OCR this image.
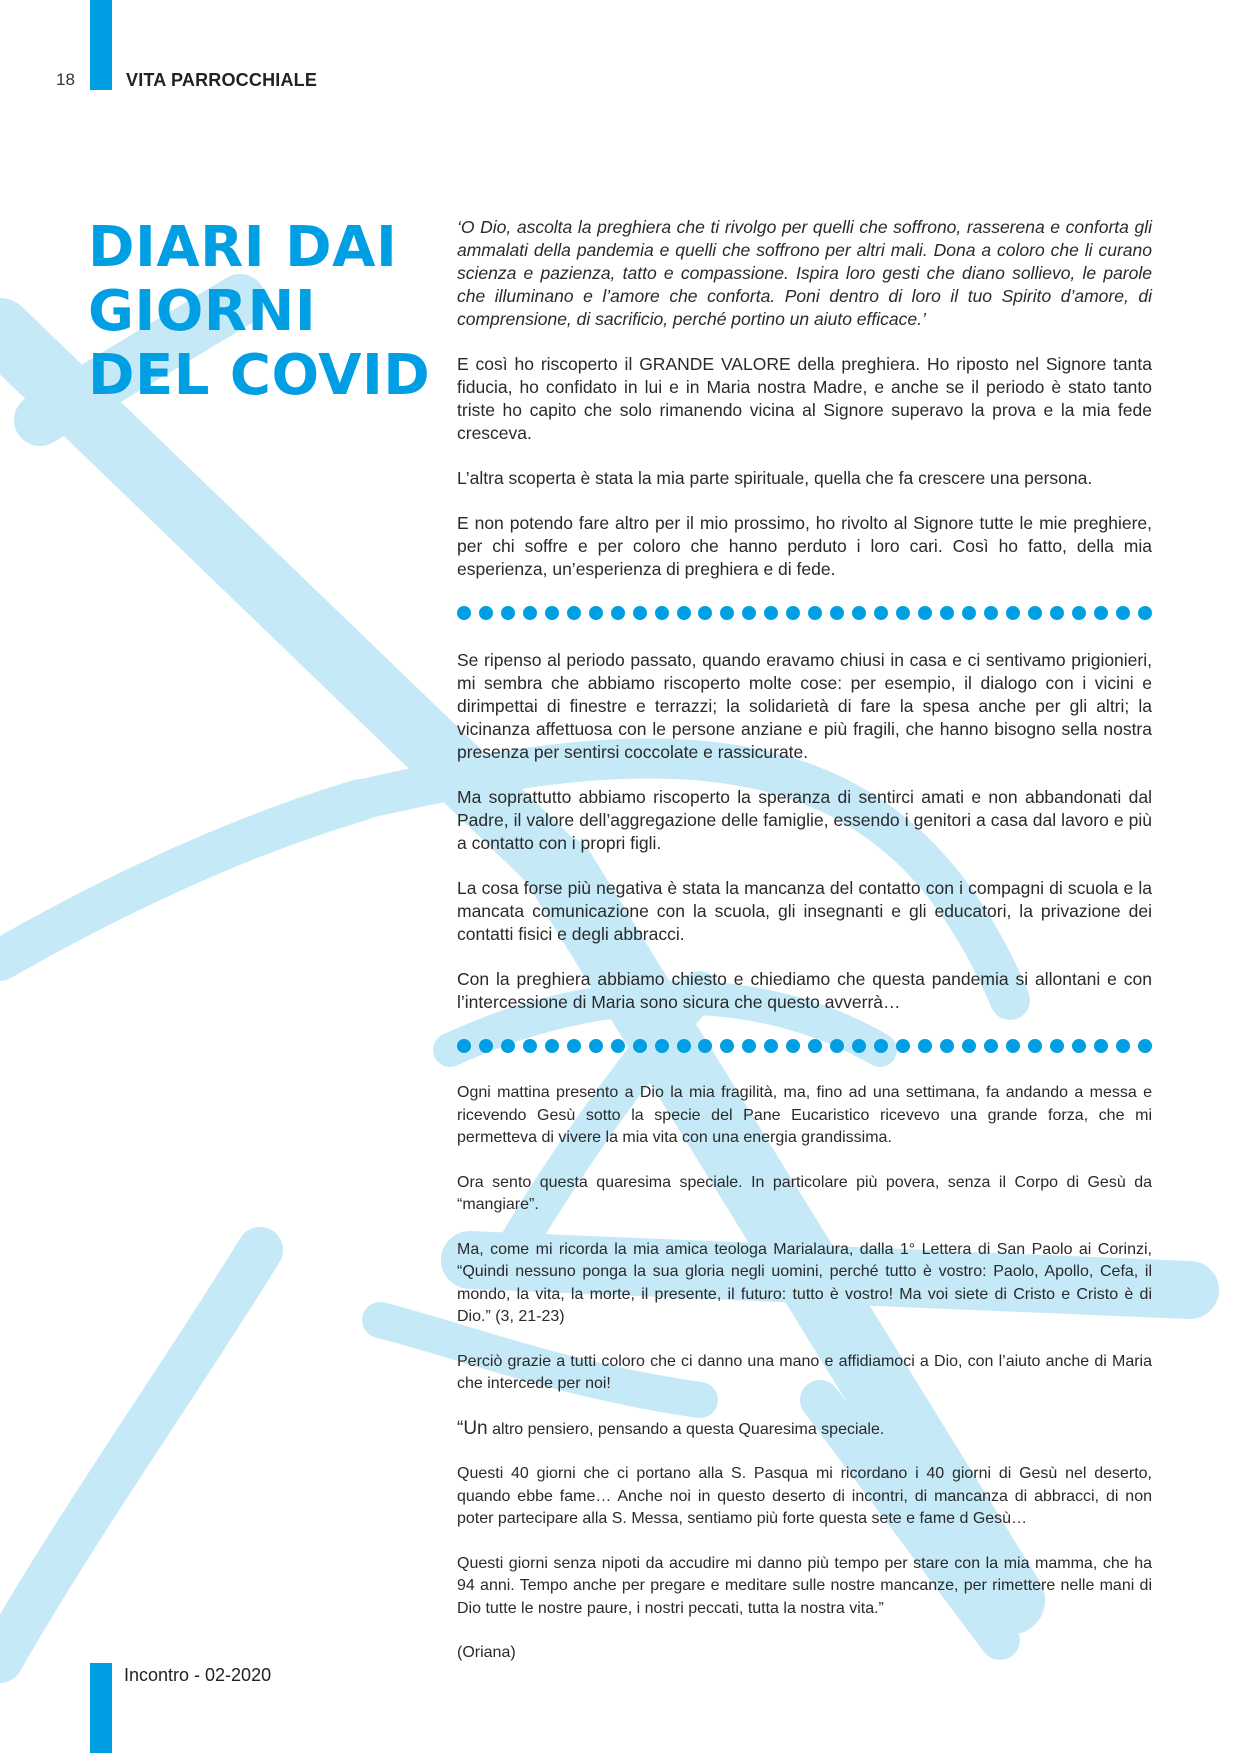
18	VITA PARROCCHIALE
DIARI DAI
GIORNI
DEL COVID

‘O Dio, ascolta la preghiera che ti rivolgo per quelli che soffrono, rasserena e conforta gli ammalati della pandemia e quelli che soffrono per altri mali. Dona a coloro che li curano scienza e pazienza, tatto e compassione. Ispira loro gesti che diano sollievo, le parole che illuminano e l’amore che conforta. Poni dentro di loro il tuo Spirito d’amore, di comprensione, di sacrificio, perché portino un aiuto efficace.’

E così ho riscoperto il GRANDE VALORE della preghiera. Ho riposto nel Signore tanta fiducia, ho confidato in lui e in Maria nostra Madre, e anche se il periodo è stato tanto triste ho capito che solo rimanendo vicina al Signore superavo la prova e la mia fede cresceva.

L’altra scoperta è stata la mia parte spirituale, quella che fa crescere una persona.

E non potendo fare altro per il mio prossimo, ho rivolto al Signore tutte le mie preghiere, per chi soffre e per coloro che hanno perduto i loro cari. Così ho fatto, della mia esperienza, un’esperienza di preghiera e di fede.

Se ripenso al periodo passato, quando eravamo chiusi in casa e ci sentivamo prigionieri, mi sembra che abbiamo riscoperto molte cose: per esempio, il dialogo con i vicini e dirimpettai di finestre e terrazzi; la solidarietà di fare la spesa anche per gli altri; la vicinanza affettuosa con le persone anziane e più fragili, che hanno bisogno sella nostra presenza per sentirsi coccolate e rassicurate.

Ma soprattutto abbiamo riscoperto la speranza di sentirci amati e non abbandonati dal Padre, il valore dell’aggregazione delle famiglie, essendo i genitori a casa dal lavoro e più a contatto con i propri figli.

La cosa forse più negativa è stata la mancanza del contatto con i compagni di scuola e la mancata comunicazione con la scuola, gli insegnanti e gli educatori, la privazione dei contatti fisici e degli abbracci.

Con la preghiera abbiamo chiesto e chiediamo che questa pandemia si allontani e con l’intercessione di Maria sono sicura che questo avverrà…

Ogni mattina presento a Dio la mia fragilità, ma, fino ad una settimana, fa andando a messa e ricevendo Gesù sotto la specie del Pane Eucaristico ricevevo una grande forza, che mi permetteva di vivere la mia vita con una energia grandissima.

Ora sento questa quaresima speciale. In particolare più povera, senza il Corpo di Gesù da “mangiare”.

Ma, come mi ricorda la mia amica teologa Marialaura, dalla 1° Lettera di San Paolo ai Corinzi, “Quindi nessuno ponga la sua gloria negli uomini, perché tutto è vostro: Paolo, Apollo, Cefa, il mondo, la vita, la morte, il presente, il futuro: tutto è vostro! Ma voi siete di Cristo e Cristo è di Dio.” (3, 21-23)

Perciò grazie a tutti coloro che ci danno una mano e affidiamoci a Dio, con l’aiuto anche di Maria che intercede per noi!

“Un altro pensiero, pensando a questa Quaresima speciale.

Questi 40 giorni che ci portano alla S. Pasqua mi ricordano i 40 giorni di Gesù nel deserto, quando ebbe fame… Anche noi in questo deserto di incontri, di mancanza di abbracci, di non poter partecipare alla S. Messa, sentiamo più forte questa sete e fame d Gesù…

Questi giorni senza nipoti da accudire mi danno più tempo per stare con la mia mamma, che ha 94 anni. Tempo anche per pregare e meditare sulle nostre mancanze, per rimettere nelle mani di Dio tutte le nostre paure, i nostri peccati, tutta la nostra vita.”

(Oriana)

Incontro - 02-2020
